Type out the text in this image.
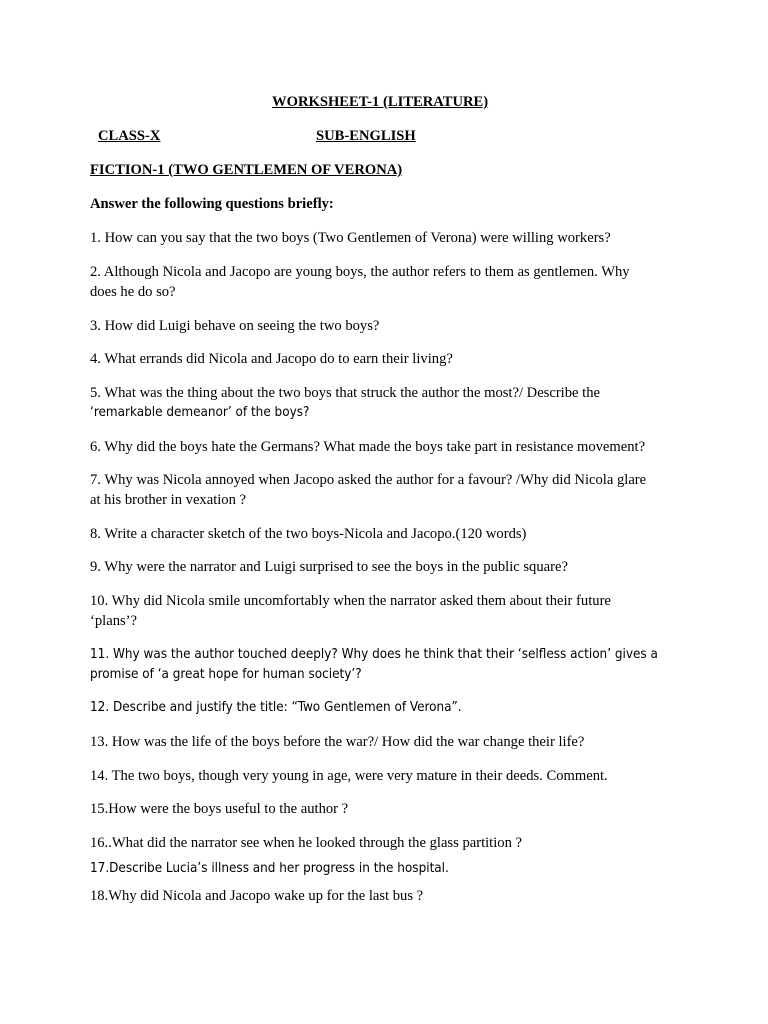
WORKSHEET-1 (LITERATURE)
CLASS-X	SUB-ENGLISH
FICTION-1 (TWO GENTLEMEN OF VERONA)
Answer the following questions briefly:
1. How can you say that the two boys (Two Gentlemen of Verona) were willing workers?
2. Although Nicola and Jacopo are young boys, the author refers to them as gentlemen. Why
does he do so?
3. How did Luigi behave on seeing the two boys?
4. What errands did Nicola and Jacopo do to earn their living?
5. What was the thing about the two boys that struck the author the most?/ Describe the
‘remarkable demeanor’ of the boys?
6. Why did the boys hate the Germans? What made the boys take part in resistance movement?
7. Why was Nicola annoyed when Jacopo asked the author for a favour? /Why did Nicola glare
at his brother in vexation ?
8. Write a character sketch of the two boys-Nicola and Jacopo.(120 words)
9. Why were the narrator and Luigi surprised to see the boys in the public square?
10. Why did Nicola smile uncomfortably when the narrator asked them about their future
‘plans’?
11. Why was the author touched deeply? Why does he think that their ‘selfless action’ gives a
promise of ‘a great hope for human society’?
12. Describe and justify the title: “Two Gentlemen of Verona”.
13. How was the life of the boys before the war?/ How did the war change their life?
14. The two boys, though very young in age, were very mature in their deeds. Comment.
15.How were the boys useful to the author ?
16..What did the narrator see when he looked through the glass partition ?
17.Describe Lucia’s illness and her progress in the hospital.
18.Why did Nicola and Jacopo wake up for the last bus ?
